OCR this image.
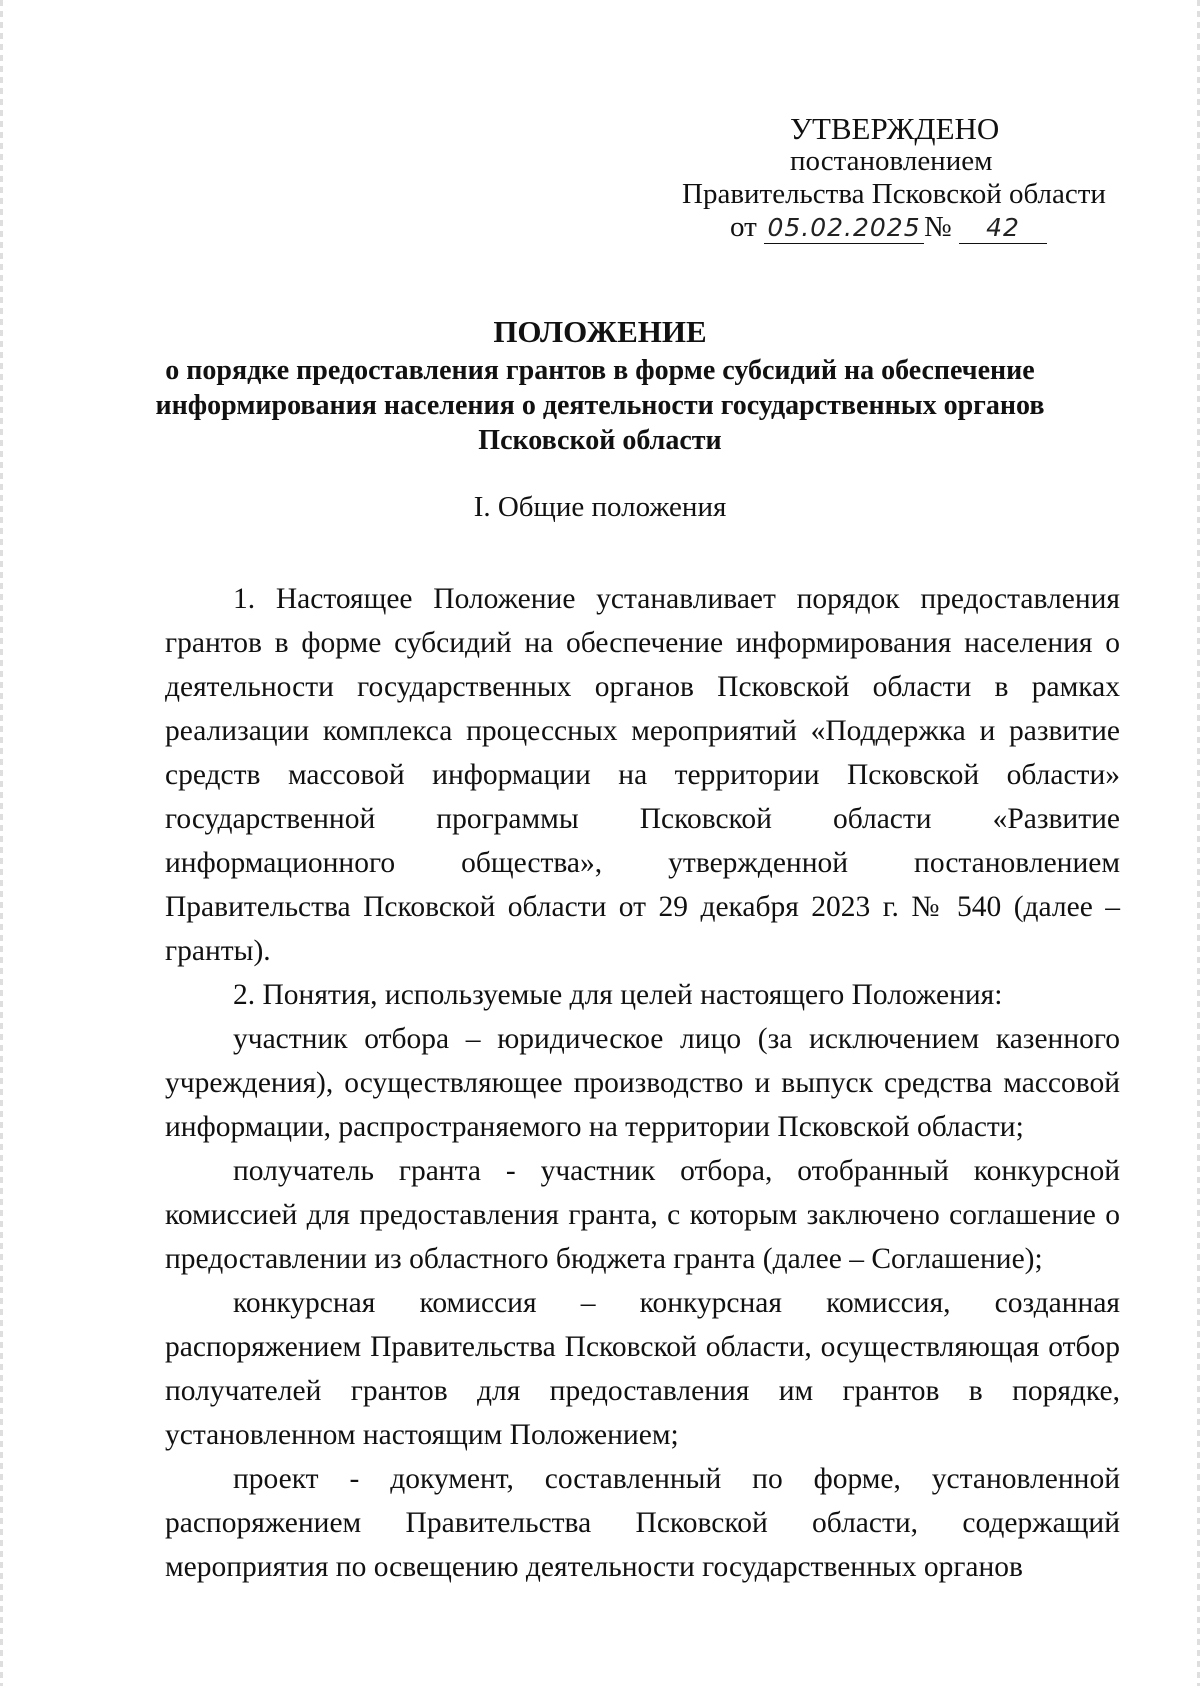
УТВЕРЖДЕНО
постановлением
Правительства Псковской области
от 05.02.2025 № 42
ПОЛОЖЕНИЕ
о порядке предоставления грантов в форме субсидий на обеспечение
информирования населения о деятельности государственных органов
Псковской области
I. Общие положения

1. Настоящее Положение устанавливает порядок предоставления грантов в форме субсидий на обеспечение информирования населения о деятельности государственных органов Псковской области в рамках реализации комплекса процессных мероприятий «Поддержка и развитие средств массовой информации на территории Псковской области» государственной программы Псковской области «Развитие информационного общества», утвержденной постановлением Правительства Псковской области от 29 декабря 2023 г. № 540 (далее – гранты).

2. Понятия, используемые для целей настоящего Положения:

участник отбора – юридическое лицо (за исключением казенного учреждения), осуществляющее производство и выпуск средства массовой информации, распространяемого на территории Псковской области;

получатель гранта - участник отбора, отобранный конкурсной комиссией для предоставления гранта, с которым заключено соглашение о предоставлении из областного бюджета гранта (далее – Соглашение);

конкурсная комиссия – конкурсная комиссия, созданная распоряжением Правительства Псковской области, осуществляющая отбор получателей грантов для предоставления им грантов в порядке, установленном настоящим Положением;

проект - документ, составленный по форме, установленной распоряжением Правительства Псковской области, содержащий мероприятия по освещению деятельности государственных органов
